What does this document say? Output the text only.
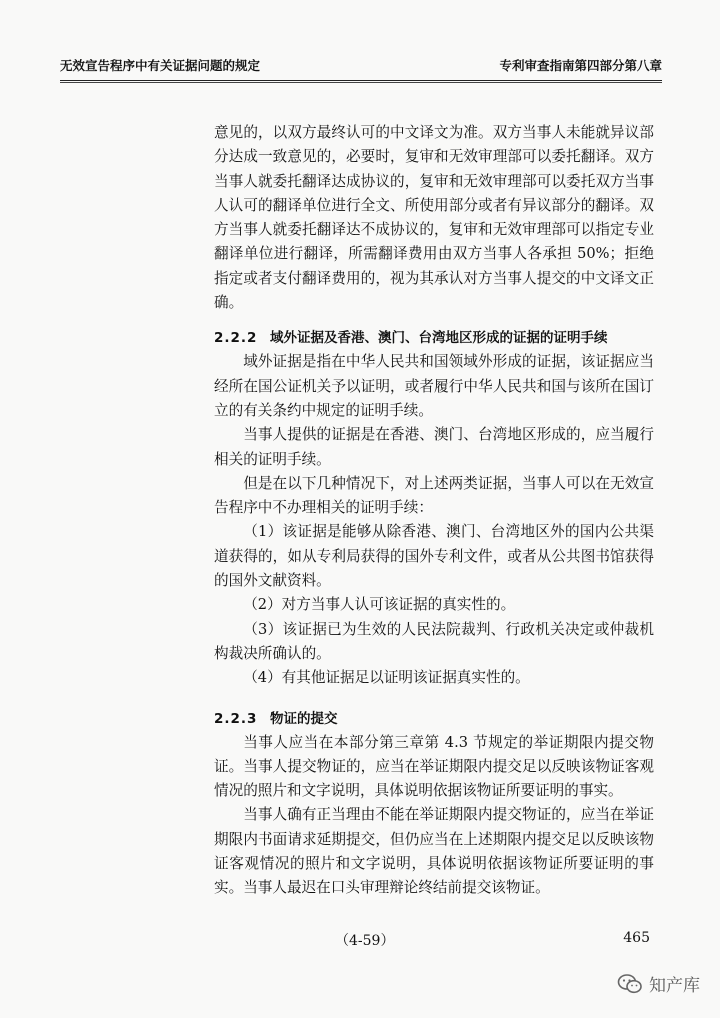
无效宣告程序中有关证据问题的规定	专利审查指南第四部分第八章

意见的，以双方最终认可的中文译文为准。双方当事人未能就异议部分达成一致意见的，必要时，复审和无效审理部可以委托翻译。双方当事人就委托翻译达成协议的，复审和无效审理部可以委托双方当事人认可的翻译单位进行全文、所使用部分或者有异议部分的翻译。双方当事人就委托翻译达不成协议的，复审和无效审理部可以指定专业翻译单位进行翻译，所需翻译费用由双方当事人各承担 50%；拒绝指定或者支付翻译费用的，视为其承认对方当事人提交的中文译文正确。

2.2.2 域外证据及香港、澳门、台湾地区形成的证据的证明手续

域外证据是指在中华人民共和国领域外形成的证据，该证据应当经所在国公证机关予以证明，或者履行中华人民共和国与该所在国订立的有关条约中规定的证明手续。

当事人提供的证据是在香港、澳门、台湾地区形成的，应当履行相关的证明手续。

但是在以下几种情况下，对上述两类证据，当事人可以在无效宣告程序中不办理相关的证明手续：

（1）该证据是能够从除香港、澳门、台湾地区外的国内公共渠道获得的，如从专利局获得的国外专利文件，或者从公共图书馆获得的国外文献资料。

（2）对方当事人认可该证据的真实性的。

（3）该证据已为生效的人民法院裁判、行政机关决定或仲裁机构裁决所确认的。

（4）有其他证据足以证明该证据真实性的。

2.2.3 物证的提交

当事人应当在本部分第三章第 4.3 节规定的举证期限内提交物证。当事人提交物证的，应当在举证期限内提交足以反映该物证客观情况的照片和文字说明，具体说明依据该物证所要证明的事实。

当事人确有正当理由不能在举证期限内提交物证的，应当在举证期限内书面请求延期提交，但仍应当在上述期限内提交足以反映该物证客观情况的照片和文字说明，具体说明依据该物证所要证明的事实。当事人最迟在口头审理辩论终结前提交该物证。

（4-59）	465
知产库
